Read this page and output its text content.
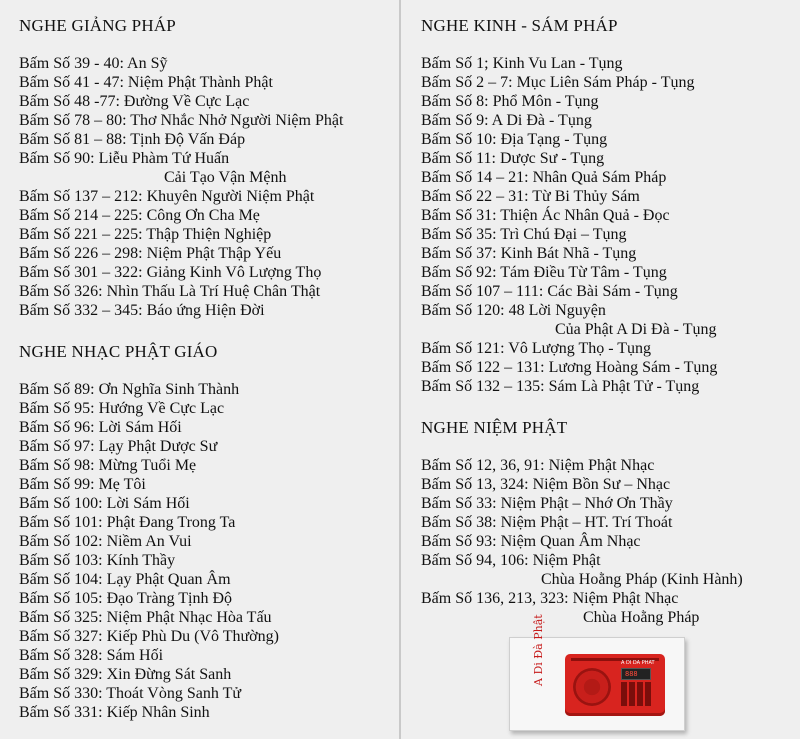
NGHE GIẢNG PHÁP
Bấm Số 39 - 40: An Sỹ
Bấm Số 41 - 47: Niệm Phật Thành Phật
Bấm Số 48 -77: Đường Về Cực Lạc
Bấm Số 78 – 80: Thơ Nhắc Nhở Người Niệm Phật
Bấm Số 81 – 88: Tịnh Độ Vấn Đáp
Bấm Số 90: Liễu Phàm Tứ Huấn
Cải Tạo Vận Mệnh
Bấm Số 137 – 212: Khuyên Người Niệm Phật
Bấm Số 214 – 225: Công Ơn Cha Mẹ
Bấm Số 221 – 225: Thập Thiện Nghiệp
Bấm Số 226 – 298: Niệm Phật Thập Yếu
Bấm Số 301 – 322: Giảng Kinh Vô Lượng Thọ
Bấm Số 326: Nhìn Thấu Là Trí Huệ Chân Thật
Bấm Số 332 – 345: Báo ứng Hiện Đời
NGHE NHẠC PHẬT GIÁO
Bấm Số 89: Ơn Nghĩa Sinh Thành
Bấm Số 95: Hướng Về Cực Lạc
Bấm Số 96: Lời Sám Hối
Bấm Số 97: Lạy Phật Dược Sư
Bấm Số 98: Mừng Tuổi Mẹ
Bấm Số 99: Mẹ Tôi
Bấm Số 100: Lời Sám Hối
Bấm Số 101: Phật Đang Trong Ta
Bấm Số 102: Niềm An Vui
Bấm Số 103: Kính Thầy
Bấm Số 104: Lạy Phật Quan Âm
Bấm Số 105: Đạo Tràng Tịnh Độ
Bấm Số 325: Niệm Phật Nhạc Hòa Tấu
Bấm Số 327: Kiếp Phù Du (Vô Thường)
Bấm Số 328: Sám Hối
Bấm Số 329: Xin Đừng Sát Sanh
Bấm Số 330: Thoát Vòng Sanh Tử
Bấm Số 331: Kiếp Nhân Sinh
NGHE KINH - SÁM PHÁP
Bấm Số 1; Kinh Vu Lan - Tụng
Bấm Số 2 – 7: Mục Liên Sám Pháp - Tụng
Bấm Số 8: Phổ Môn - Tụng
Bấm Số 9: A Di Đà - Tụng
Bấm Số 10: Địa Tạng - Tụng
Bấm Số 11: Dược Sư - Tụng
Bấm Số 14 – 21: Nhân Quả Sám Pháp
Bấm Số 22 – 31: Từ Bi Thủy Sám
Bấm Số 31: Thiện Ác Nhân Quả - Đọc
Bấm Số 35: Trì Chú Đại – Tụng
Bấm Số 37: Kinh Bát Nhã - Tụng
Bấm Số 92: Tám Điều Từ Tâm - Tụng
Bấm Số 107 – 111: Các Bài Sám - Tụng
Bấm Số 120: 48 Lời Nguyện
Của Phật A Di Đà - Tụng
Bấm Số 121: Vô Lượng Thọ - Tụng
Bấm Số 122 – 131: Lương Hoàng Sám - Tụng
Bấm Số 132 – 135: Sám Là Phật Tử - Tụng
NGHE NIỆM PHẬT
Bấm Số 12, 36, 91: Niệm Phật Nhạc
Bấm Số 13, 324: Niệm Bồn Sư – Nhạc
Bấm Số 33: Niệm Phật – Nhớ Ơn Thầy
Bấm Số 38: Niệm Phật – HT. Trí Thoát
Bấm Số 93: Niệm Quan Âm Nhạc
Bấm Số 94, 106: Niệm Phật
Chùa Hoằng Pháp (Kinh Hành)
Bấm Số 136, 213, 323: Niệm Phật Nhạc
Chùa Hoằng Pháp
A Di Đà Phật	A DI DA PHAT
888
